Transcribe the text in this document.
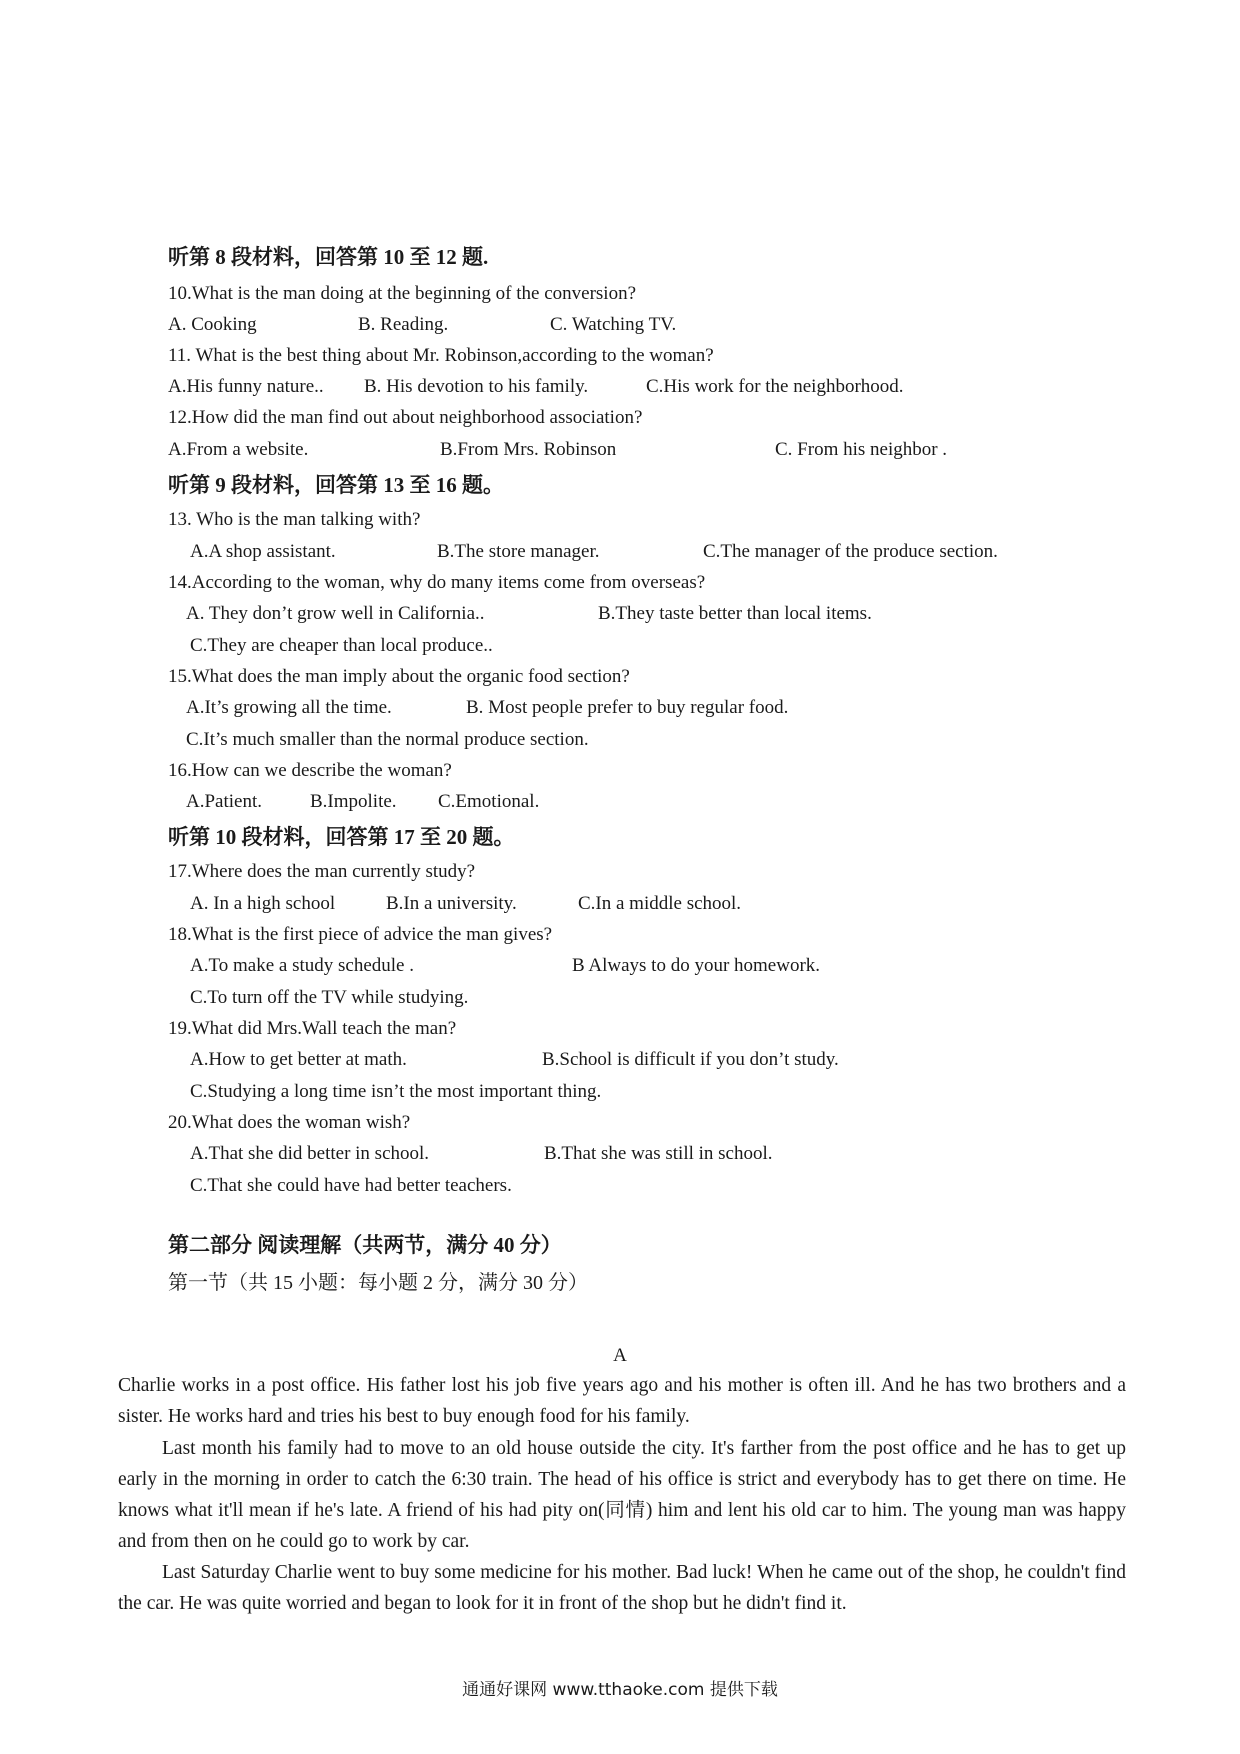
听第 8 段材料，回答第 10 至 12 题.
10.What is the man doing at the beginning of the conversion?
A. Cooking	B. Reading.	C. Watching TV.
11. What is the best thing about Mr. Robinson,according to the woman?
A.His funny nature.. B. His devotion to his family.	C.His work for the neighborhood.
12.How did the man find out about neighborhood association?
A.From a website.	B.From Mrs. Robinson	C. From his neighbor .
听第 9 段材料，回答第 13 至 16 题。
13. Who is the man talking with?
A.A shop assistant.	B.The store manager.	C.The manager of the produce section.
14.According to the woman, why do many items come from overseas?
A. They don’t grow well in California..	B.They taste better than local items.
C.They are cheaper than local produce..
15.What does the man imply about the organic food section?
A.It’s growing all the time.	B. Most people prefer to buy regular food.
C.It’s much smaller than the normal produce section.
16.How can we describe the woman?
A.Patient.	B.Impolite. C.Emotional.
听第 10 段材料，回答第 17 至 20 题。
17.Where does the man currently study?
A. In a high school	B.In a university.	C.In a middle school.
18.What is the first piece of advice the man gives?
A.To make a study schedule .	B Always to do your homework.
C.To turn off the TV while studying.
19.What did Mrs.Wall teach the man?
A.How to get better at math.	B.School is difficult if you don’t study.
C.Studying a long time isn’t the most important thing.
20.What does the woman wish?
A.That she did better in school.	B.That she was still in school.
C.That she could have had better teachers.
第二部分 阅读理解（共两节，满分 40 分）
第一节（共 15 小题：每小题 2 分，满分 30 分）
A
Charlie works in a post office. His father lost his job five years ago and his mother is often ill. And he has two brothers and a sister. He works hard and tries his best to buy enough food for his family.
Last month his family had to move to an old house outside the city. It's farther from the post office and he has to get up early in the morning in order to catch the 6:30 train. The head of his office is strict and everybody has to get there on time. He knows what it'll mean if he's late. A friend of his had pity on(同情) him and lent his old car to him. The young man was happy and from then on he could go to work by car.
Last Saturday Charlie went to buy some medicine for his mother. Bad luck! When he came out of the shop, he couldn't find the car. He was quite worried and began to look for it in front of the shop but he didn't find it.
通通好课网 www.tthaoke.com 提供下载
